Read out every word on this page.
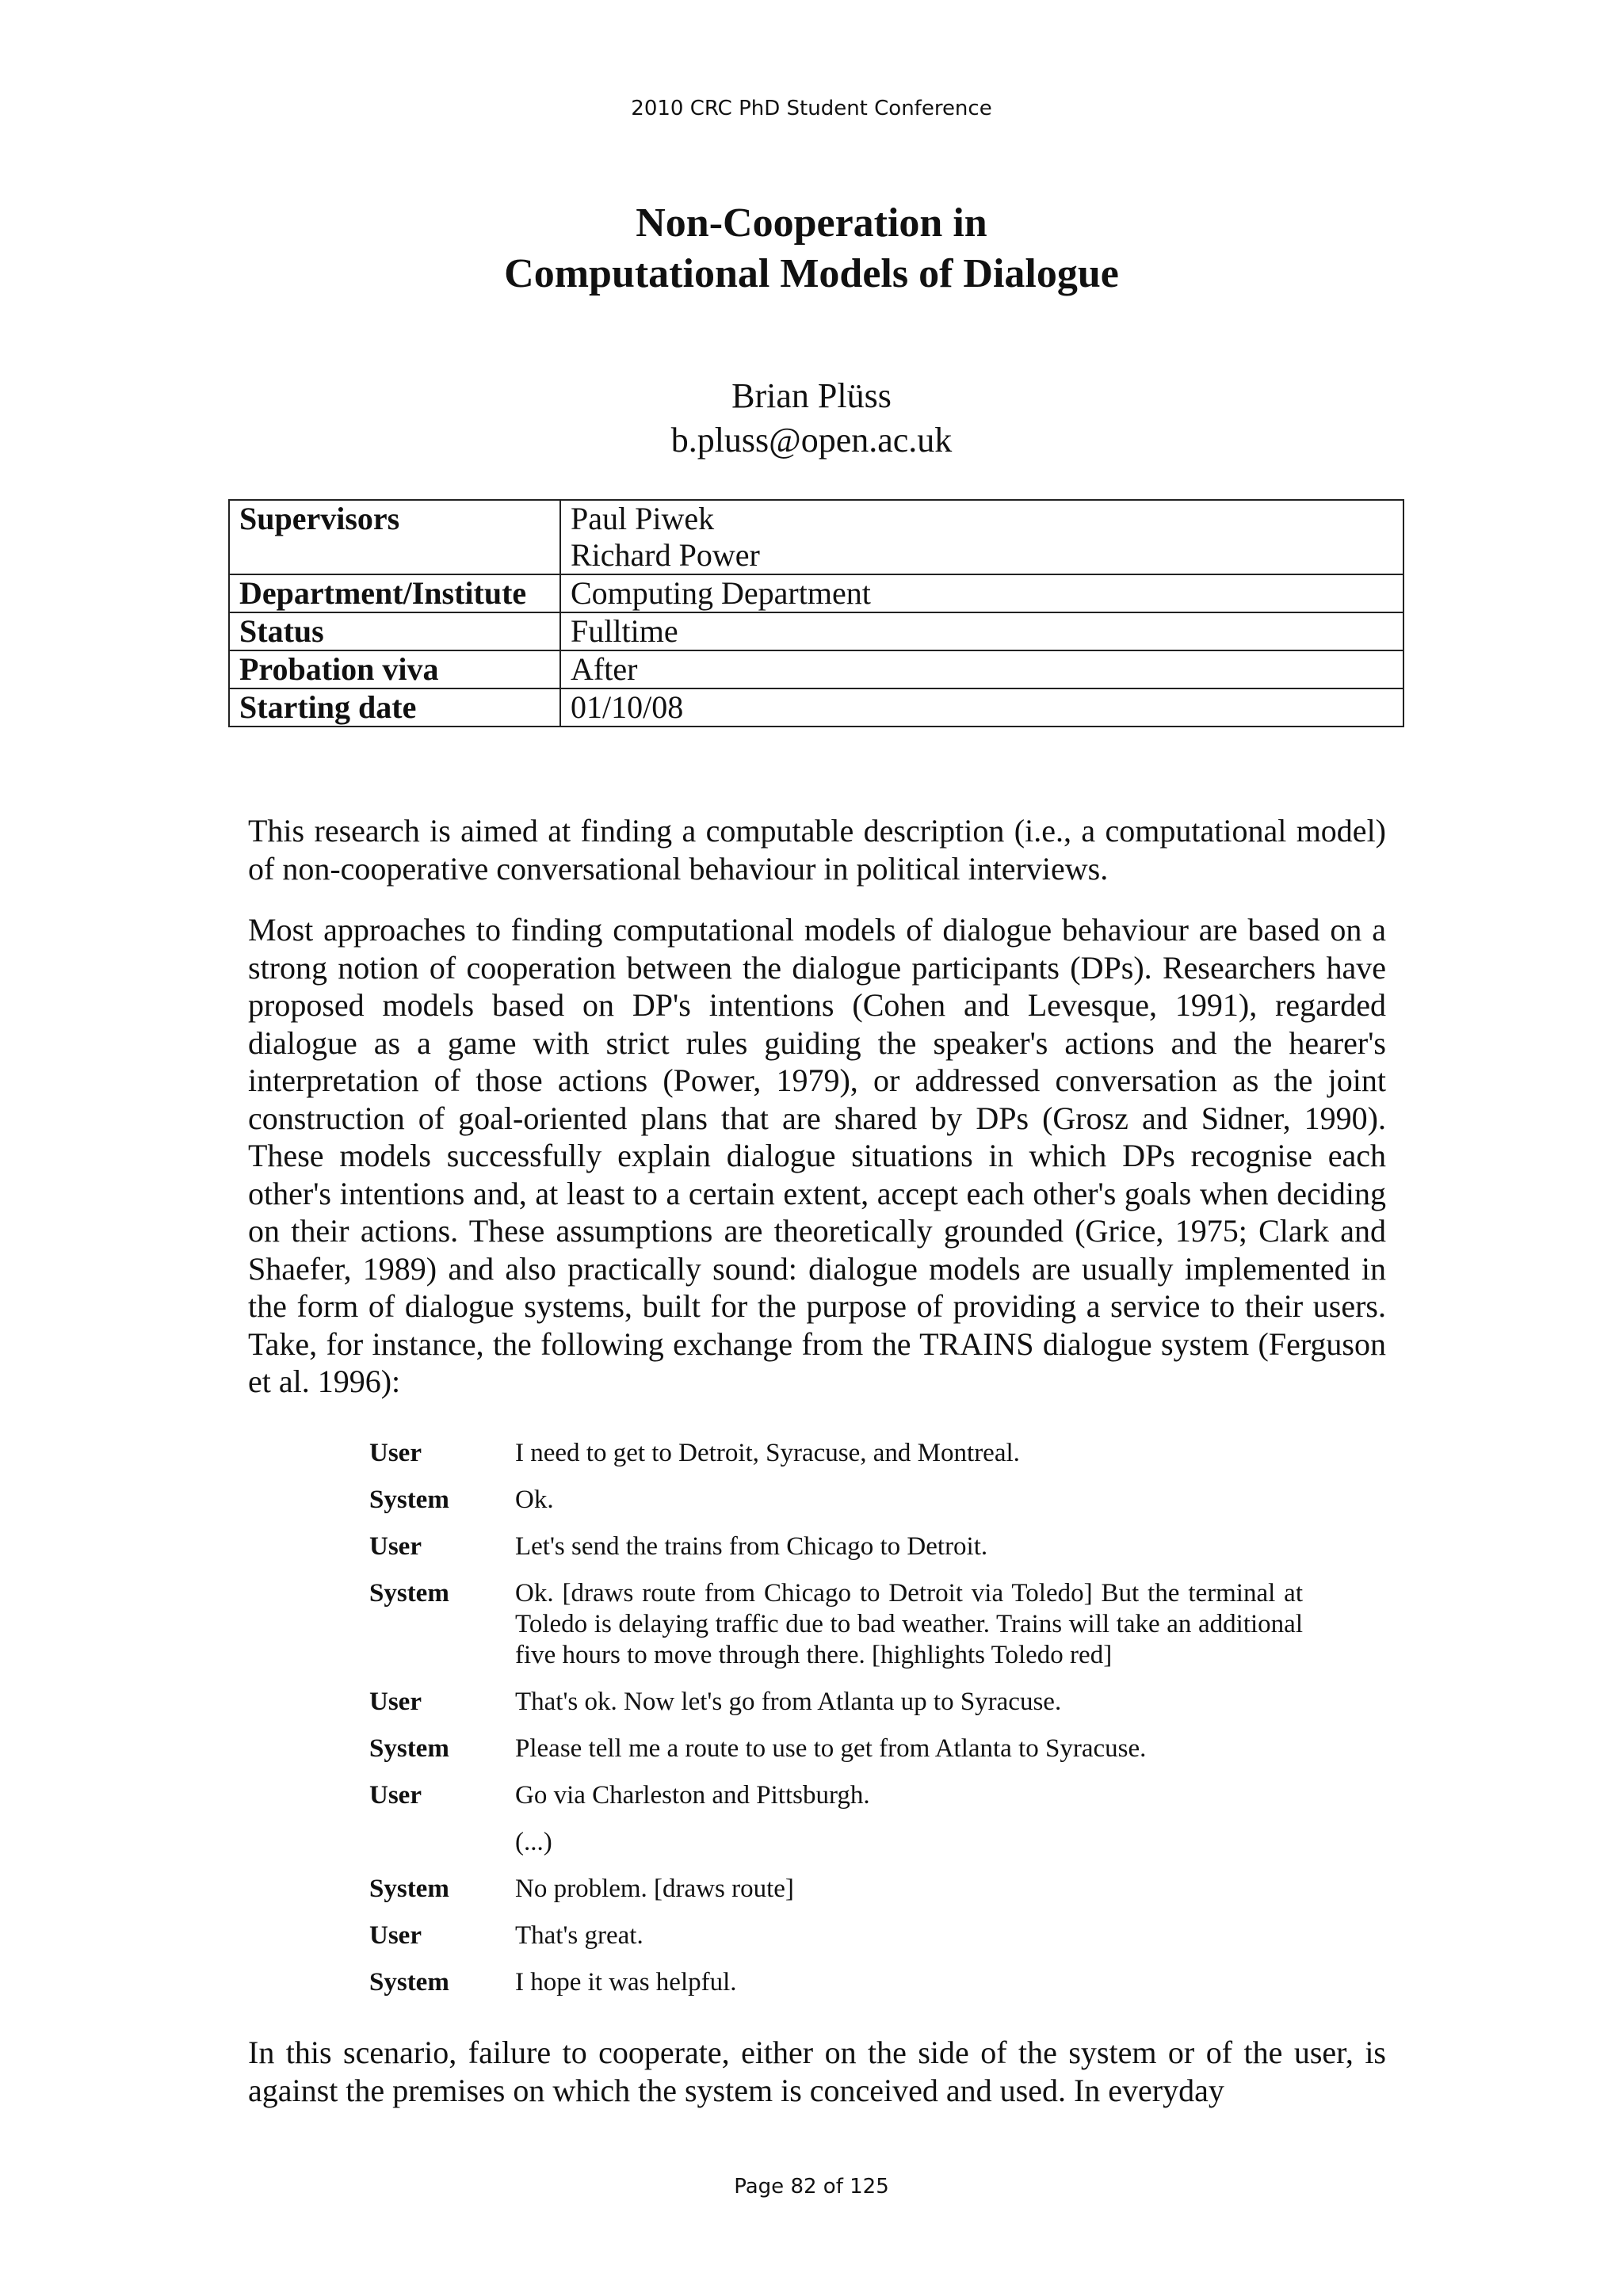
2010 CRC PhD Student Conference
Non-Cooperation in
Computational Models of Dialogue
Brian Plüss
b.pluss@open.ac.uk
Supervisors	Paul Piwek
Richard Power

Department/Institute	Computing Department
Status	Fulltime
Probation viva	After
Starting date	01/10/08

This research is aimed at finding a computable description (i.e., a computational model) of non-cooperative conversational behaviour in political interviews.

Most approaches to finding computational models of dialogue behaviour are based on a strong notion of cooperation between the dialogue participants (DPs). Researchers have proposed models based on DP's intentions (Cohen and Levesque, 1991), regarded dialogue as a game with strict rules guiding the speaker's actions and the hearer's interpretation of those actions (Power, 1979), or addressed conversation as the joint construction of goal-oriented plans that are shared by DPs (Grosz and Sidner, 1990). These models successfully explain dialogue situations in which DPs recognise each other's intentions and, at least to a certain extent, accept each other's goals when deciding on their actions. These assumptions are theoretically grounded (Grice, 1975; Clark and Shaefer, 1989) and also practically sound: dialogue models are usually implemented in the form of dialogue systems, built for the purpose of providing a service to their users. Take, for instance, the following exchange from the TRAINS dialogue system (Ferguson et al. 1996):

User	I need to get to Detroit, Syracuse, and Montreal.
System	Ok.
User	Let's send the trains from Chicago to Detroit.
System	Ok. [draws route from Chicago to Detroit via Toledo] But the terminal at Toledo is delaying traffic due to bad weather. Trains will take an additional five hours to move through there. [highlights Toledo red]
User	That's ok. Now let's go from Atlanta up to Syracuse.
System	Please tell me a route to use to get from Atlanta to Syracuse.
User	Go via Charleston and Pittsburgh.
(...)
System	No problem. [draws route]
User	That's great.
System	I hope it was helpful.

In this scenario, failure to cooperate, either on the side of the system or of the user, is against the premises on which the system is conceived and used. In everyday

Page 82 of 125
